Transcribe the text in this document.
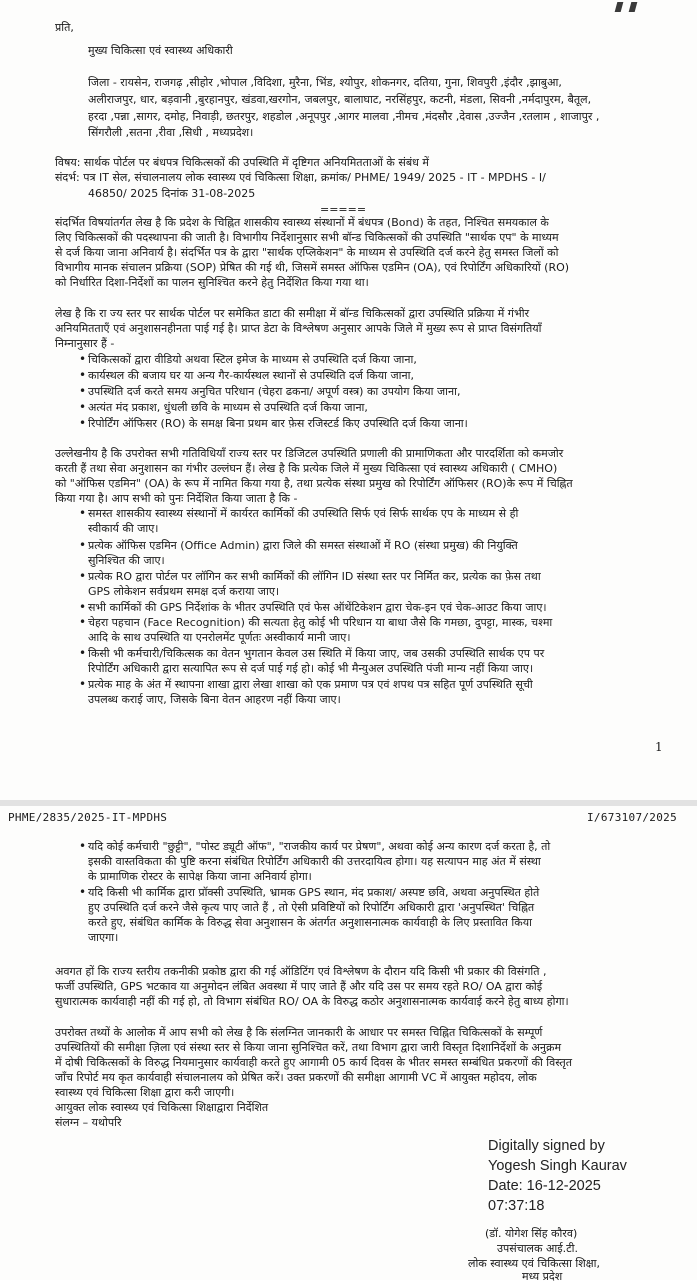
प्रति,
मुख्य चिकित्सा एवं स्वास्थ्य अधिकारी
जिला - रायसेन, राजगढ़ ,सीहोर ,भोपाल ,विदिशा, मुरैना, भिंड, श्योपुर, शोकनगर, दतिया, गुना, शिवपुरी ,इंदौर ,झाबुआ,
अलीराजपुर, धार, बड़वानी ,बुरहानपुर, खंडवा,खरगोन, जबलपुर, बालाघाट, नरसिंहपुर, कटनी, मंडला, सिवनी ,नर्मदापुरम, बैतूल,
हरदा ,पन्ना ,सागर, दमोह, निवाड़ी, छतरपुर, शहडोल ,अनूपपुर ,आगर मालवा ,नीमच ,मंदसौर ,देवास ,उज्जैन ,रतलाम , शाजापुर ,
सिंगरौली ,सतना ,रीवा ,सिधी , मध्यप्रदेश।
विषय: सार्थक पोर्टल पर बंधपत्र चिकित्सकों की उपस्थिति में दृष्टिगत अनियमितताओं के संबंध में
संदर्भ: पत्र IT सेल, संचालनालय लोक स्वास्थ्य एवं चिकित्सा शिक्षा, क्रमांक/ PHME/ 1949/ 2025 - IT - MPDHS - I/
46850/ 2025 दिनांक 31-08-2025
=====
संदर्भित विषयांतर्गत लेख है कि प्रदेश के चिह्नित शासकीय स्वास्थ्य संस्थानों में बंधपत्र (Bond) के तहत, निश्चित समयकाल के
लिए चिकित्सकों की पदस्थापना की जाती है। विभागीय निर्देशानुसार सभी बॉन्ड चिकित्सकों की उपस्थिति "सार्थक एप" के माध्यम
से दर्ज किया जाना अनिवार्य है। संदर्भित पत्र के द्वारा "सार्थक एप्लिकेशन" के माध्यम से उपस्थिति दर्ज करने हेतु समस्त जिलों को
विभागीय मानक संचालन प्रक्रिया (SOP) प्रेषित की गई थी, जिसमें समस्त ऑफिस एडमिन (OA), एवं रिपोर्टिंग अधिकारियों (RO)
को निर्धारित दिशा-निर्देशों का पालन सुनिश्चित करने हेतु निर्देशित किया गया था।
लेख है कि रा ज्य स्तर पर सार्थक पोर्टल पर समेकित डाटा की समीक्षा में बॉन्ड चिकित्सकों द्वारा उपस्थिति प्रक्रिया में गंभीर
अनियमितताएँ एवं अनुशासनहीनता पाई गई है। प्राप्त डेटा के विश्लेषण अनुसार आपके जिले में मुख्य रूप से प्राप्त विसंगतियाँ
निम्नानुसार हैं -
• चिकित्सकों द्वारा वीडियो अथवा स्टिल इमेज के माध्यम से उपस्थिति दर्ज किया जाना,
• कार्यस्थल की बजाय घर या अन्य गैर-कार्यस्थल स्थानों से उपस्थिति दर्ज किया जाना,
• उपस्थिति दर्ज करते समय अनुचित परिधान (चेहरा ढकना/ अपूर्ण वस्त्र) का उपयोग किया जाना,
• अत्यंत मंद प्रकाश, धुंधली छवि के माध्यम से उपस्थिति दर्ज किया जाना,
• रिपोर्टिंग ऑफिसर (RO) के समक्ष बिना प्रथम बार फ़ेस रजिस्टर्ड किए उपस्थिति दर्ज किया जाना।
उल्लेखनीय है कि उपरोक्त सभी गतिविधियाँ राज्य स्तर पर डिजिटल उपस्थिति प्रणाली की प्रामाणिकता और पारदर्शिता को कमजोर
करती हैं तथा सेवा अनुशासन का गंभीर उल्लंघन हैं। लेख है कि प्रत्येक जिले में मुख्य चिकित्सा एवं स्वास्थ्य अधिकारी ( CMHO)
को "ऑफिस एडमिन" (OA) के रूप में नामित किया गया है, तथा प्रत्येक संस्था प्रमुख को रिपोर्टिंग ऑफिसर (RO)के रूप में चिह्नित
किया गया है। आप सभी को पुनः निर्देशित किया जाता है कि -
• समस्त शासकीय स्वास्थ्य संस्थानों में कार्यरत कार्मिकों की उपस्थिति सिर्फ एवं सिर्फ सार्थक एप के माध्यम से ही
स्वीकार्य की जाए।
• प्रत्येक ऑफिस एडमिन (Office Admin) द्वारा जिले की समस्त संस्थाओं में RO (संस्था प्रमुख) की नियुक्ति
सुनिश्चित की जाए।
• प्रत्येक RO द्वारा पोर्टल पर लॉगिन कर सभी कार्मिकों की लॉगिन ID संस्था स्तर पर निर्मित कर, प्रत्येक का फ़ेस तथा
GPS लोकेशन सर्वप्रथम समक्ष दर्ज कराया जाए।
• सभी कार्मिकों की GPS निर्देशांक के भीतर उपस्थिति एवं फेस ऑथेंटिकेशन द्वारा चेक-इन एवं चेक-आउट किया जाए।
• चेहरा पहचान (Face Recognition) की सत्यता हेतु कोई भी परिधान या बाधा जैसे कि गमछा, दुपट्टा, मास्क, चश्मा
आदि के साथ उपस्थिति या एनरोलमेंट पूर्णतः अस्वीकार्य मानी जाए।
• किसी भी कर्मचारी/चिकित्सक का वेतन भुगतान केवल उस स्थिति में किया जाए, जब उसकी उपस्थिति सार्थक एप पर
रिपोर्टिंग अधिकारी द्वारा सत्यापित रूप से दर्ज पाई गई हो। कोई भी मैन्युअल उपस्थिति पंजी मान्य नहीं किया जाए।
• प्रत्येक माह के अंत में स्थापना शाखा द्वारा लेखा शाखा को एक प्रमाण पत्र एवं शपथ पत्र सहित पूर्ण उपस्थिति सूची
उपलब्ध कराई जाए, जिसके बिना वेतन आहरण नहीं किया जाए।
1
PHME/2835/2025-IT-MPDHS	I/673107/2025
• यदि कोई कर्मचारी "छुट्टी", "पोस्ट ड्यूटी ऑफ", "राजकीय कार्य पर प्रेषण", अथवा कोई अन्य कारण दर्ज करता है, तो
इसकी वास्तविकता की पुष्टि करना संबंधित रिपोर्टिंग अधिकारी की उत्तरदायित्व होगा। यह सत्यापन माह अंत में संस्था
के प्रामाणिक रोस्टर के सापेक्ष किया जाना अनिवार्य होगा।
• यदि किसी भी कार्मिक द्वारा प्रॉक्सी उपस्थिति, भ्रामक GPS स्थान, मंद प्रकाश/ अस्पष्ट छवि, अथवा अनुपस्थित होते
हुए उपस्थिति दर्ज करने जैसे कृत्य पाए जाते हैं , तो ऐसी प्रविष्टियों को रिपोर्टिंग अधिकारी द्वारा 'अनुपस्थित' चिह्नित
करते हुए, संबंधित कार्मिक के विरुद्ध सेवा अनुशासन के अंतर्गत अनुशासनात्मक कार्यवाही के लिए प्रस्तावित किया
जाएगा।
अवगत हों कि राज्य स्तरीय तकनीकी प्रकोष्ठ द्वारा की गई ऑडिटिंग एवं विश्लेषण के दौरान यदि किसी भी प्रकार की विसंगति ,
फर्जी उपस्थिति, GPS भटकाव या अनुमोदन लंबित अवस्था में पाए जाते हैं और यदि उस पर समय रहते RO/ OA द्वारा कोई
सुधारात्मक कार्यवाही नहीं की गई हो, तो विभाग संबंधित RO/ OA के विरुद्ध कठोर अनुशासनात्मक कार्यवाई करने हेतु बाध्य होगा।
उपरोक्त तथ्यों के आलोक में आप सभी को लेख है कि संलग्नित जानकारी के आधार पर समस्त चिह्नित चिकित्सकों के सम्पूर्ण
उपस्थितियों की समीक्षा ज़िला एवं संस्था स्तर से किया जाना सुनिश्चित करें, तथा विभाग द्वारा जारी विस्तृत दिशानिर्देशों के अनुक्रम
में दोषी चिकित्सकों के विरुद्ध नियमानुसार कार्यवाही करते हुए आगामी 05 कार्य दिवस के भीतर समस्त सम्बंधित प्रकरणों की विस्तृत
जाँच रिपोर्ट मय कृत कार्यवाही संचालनालय को प्रेषित करें। उक्त प्रकरणों की समीक्षा आगामी VC में आयुक्त महोदय, लोक
स्वास्थ्य एवं चिकित्सा शिक्षा द्वारा करी जाएगी।
आयुक्त लोक स्वास्थ्य एवं चिकित्सा शिक्षाद्वारा निर्देशित
संलग्न – यथोपरि
Digitally signed by
Yogesh Singh Kaurav
Date: 16-12-2025
07:37:18
(डॉ. योगेश सिंह कौरव)
उपसंचालक आई.टी.
लोक स्वास्थ्य एवं चिकित्सा शिक्षा,
मध्य प्रदेश
